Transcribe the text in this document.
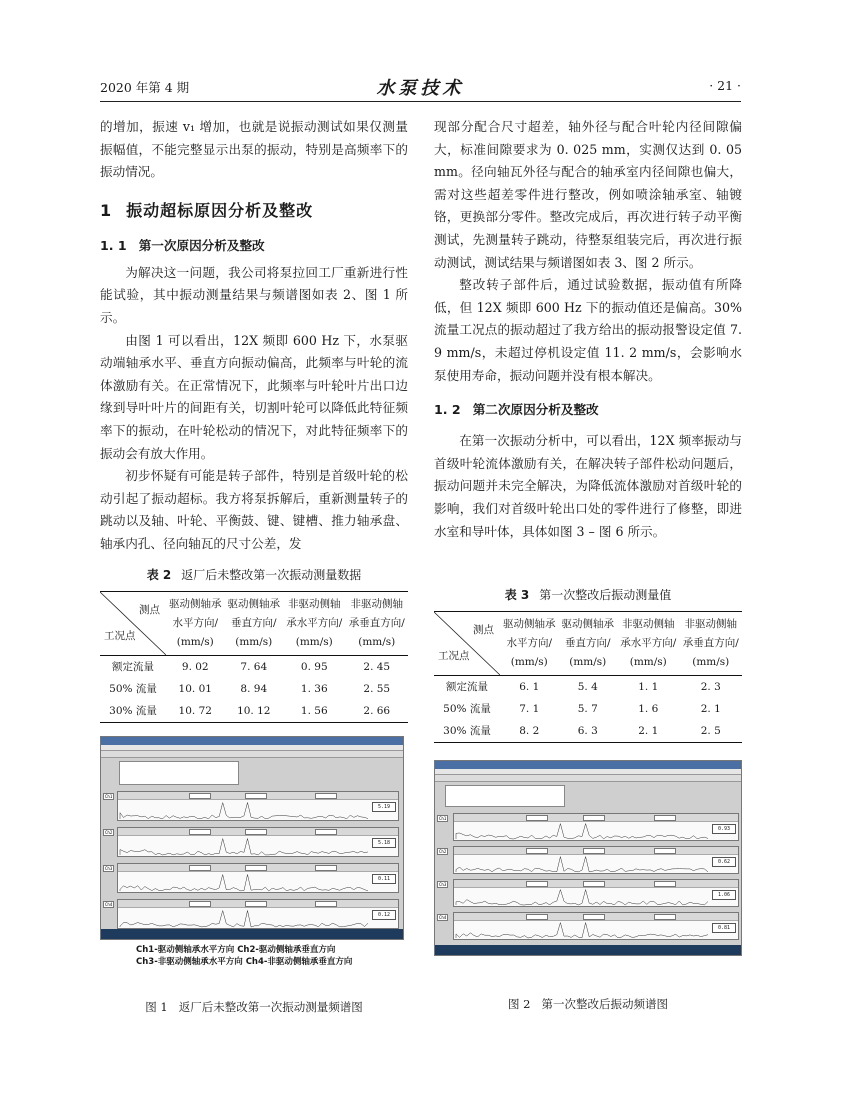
2020 年第 4 期	水泵技术	· 21 ·

的增加，振速 v₁ 增加，也就是说振动测试如果仅测量振幅值，不能完整显示出泵的振动，特别是高频率下的振动情况。

1 振动超标原因分析及整改
1. 1 第一次原因分析及整改

为解决这一问题，我公司将泵拉回工厂重新进行性能试验，其中振动测量结果与频谱图如表 2、图 1 所示。

由图 1 可以看出，12X 频即 600 Hz 下，水泵驱动端轴承水平、垂直方向振动偏高，此频率与叶轮的流体激励有关。在正常情况下，此频率与叶轮叶片出口边缘到导叶叶片的间距有关，切割叶轮可以降低此特征频率下的振动，在叶轮松动的情况下，对此特征频率下的振动会有放大作用。

初步怀疑有可能是转子部件，特别是首级叶轮的松动引起了振动超标。我方将泵拆解后，重新测量转子的跳动以及轴、叶轮、平衡鼓、键、键槽、推力轴承盘、轴承内孔、径向轴瓦的尺寸公差，发

现部分配合尺寸超差，轴外径与配合叶轮内径间隙偏大，标准间隙要求为 0. 025 mm，实测仅达到 0. 05 mm。径向轴瓦外径与配合的轴承室内径间隙也偏大，需对这些超差零件进行整改，例如喷涂轴承室、轴镀铬，更换部分零件。整改完成后，再次进行转子动平衡测试，先测量转子跳动，待整泵组装完后，再次进行振动测试，测试结果与频谱图如表 3、图 2 所示。

整改转子部件后，通过试验数据，振动值有所降低，但 12X 频即 600 Hz 下的振动值还是偏高。30% 流量工况点的振动超过了我方给出的振动报警设定值 7. 9 mm/s，未超过停机设定值 11. 2 mm/s，会影响水泵使用寿命，振动问题并没有根本解决。

1. 2 第二次原因分析及整改

在第一次振动分析中，可以看出，12X 频率振动与首级叶轮流体激励有关，在解决转子部件松动问题后，振动问题并未完全解决，为降低流体激励对首级叶轮的影响，我们对首级叶轮出口处的零件进行了修整，即进水室和导叶体，具体如图 3 – 图 6 所示。

表 2 返厂后未整改第一次振动测量数据
测点
工况点	驱动侧轴承
水平方向/
(mm/s)	驱动侧轴承
垂直方向/
(mm/s)	非驱动侧轴
承水平方向/
(mm/s)	非驱动侧轴
承垂直方向/
(mm/s)
额定流量	9. 02	7. 64	0. 95	2. 45
50% 流量	10. 01	8. 94	1. 36	2. 55
30% 流量	10. 72	10. 12	1. 56	2. 66
表 3 第一次整改后振动测量值
测点
工况点	驱动侧轴承
水平方向/
(mm/s)	驱动侧轴承
垂直方向/
(mm/s)	非驱动侧轴
承水平方向/
(mm/s)	非驱动侧轴
承垂直方向/
(mm/s)
额定流量	6. 1	5. 4	1. 1	2. 3
50% 流量	7. 1	5. 7	1. 6	2. 1
30% 流量	8. 2	6. 3	2. 1	2. 5
5.19
Ch1
5.18
Ch2
0.11
Ch3
0.12
Ch4
0.93
Ch1
0.62
Ch2
1.06
Ch3
0.81
Ch4
Ch1-驱动侧轴承水平方向 Ch2-驱动侧轴承垂直方向
Ch3-非驱动侧轴承水平方向 Ch4-非驱动侧轴承垂直方向
图 1 返厂后未整改第一次振动测量频谱图	图 2 第一次整改后振动频谱图
